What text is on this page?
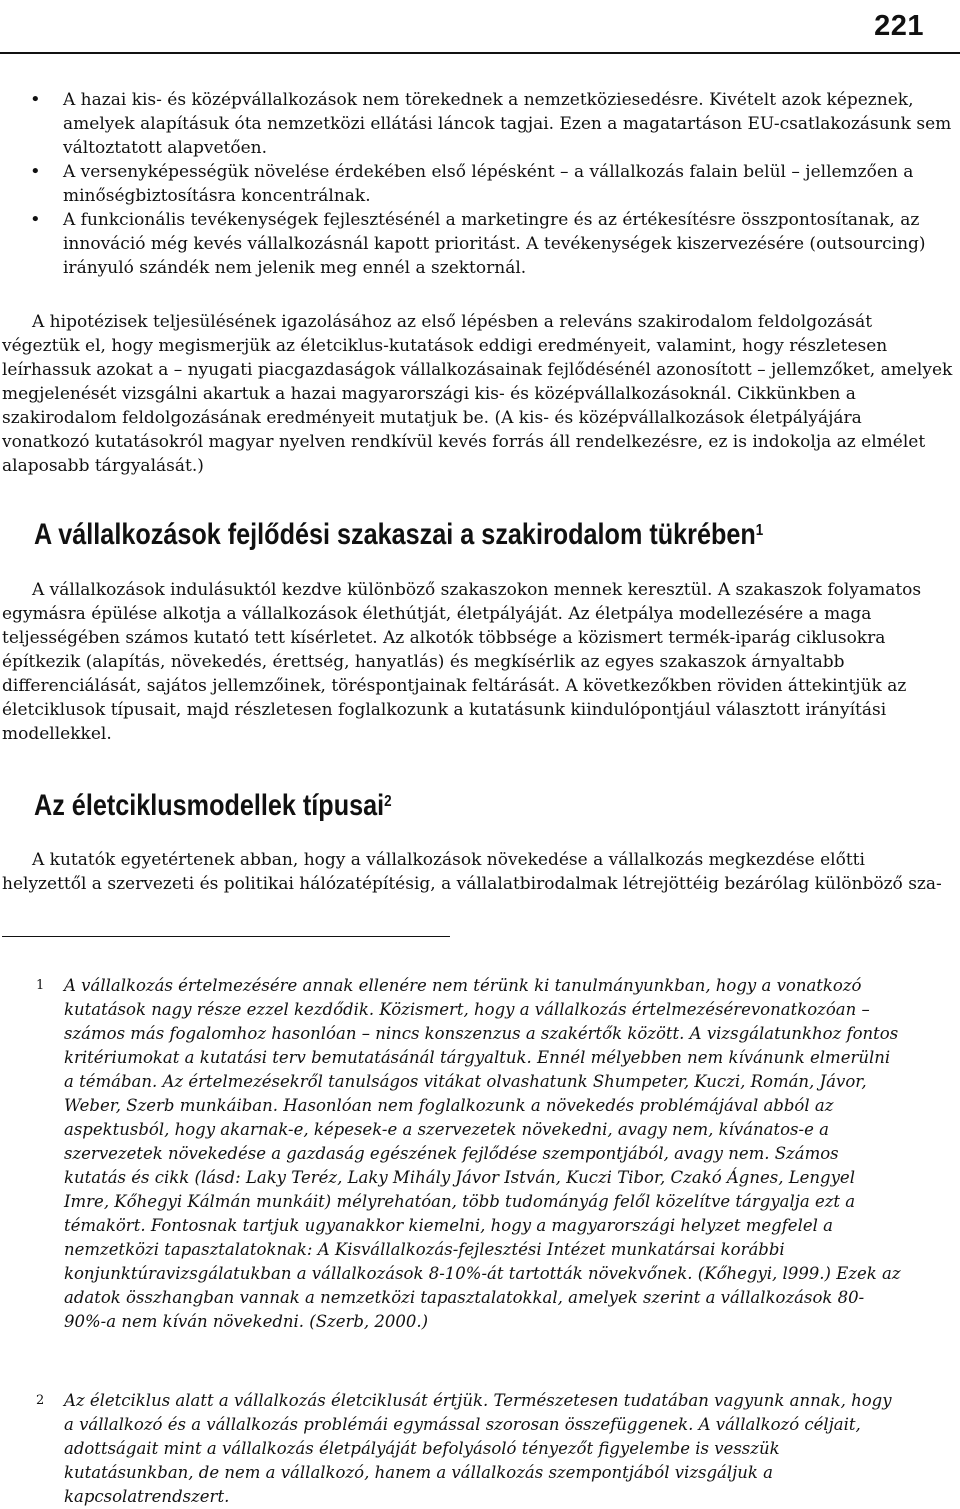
221
• A hazai kis- és középvállalkozások nem törekednek a nemzetköziesedésre. Kivételt azok képeznek, amelyek alapításuk óta nemzetközi ellátási láncok tagjai. Ezen a magatartáson EU-csatlakozásunk sem változtatott alapvetően.
• A versenyképességük növelése érdekében első lépésként – a vállalkozás falain belül – jellemzően a minőségbiztosításra koncentrálnak.
• A funkcionális tevékenységek fejlesztésénél a marketingre és az értékesítésre összpontosítanak, az innováció még kevés vállalkozásnál kapott prioritást. A tevékenységek kiszervezésére (outsourcing) irányuló szándék nem jelenik meg ennél a szektornál.

A hipotézisek teljesülésének igazolásához az első lépésben a releváns szakirodalom feldolgozását végeztük el, hogy megismerjük az életciklus-kutatások eddigi eredményeit, valamint, hogy részletesen leírhassuk azokat a – nyugati piacgazdaságok vállalkozásainak fejlődésénél azonosított – jellemzőket, amelyek megjelenését vizsgálni akartuk a hazai magyarországi kis- és középvállalkozásoknál. Cikkünkben a szakirodalom feldolgozásának eredményeit mutatjuk be. (A kis- és középvállalkozások életpályájára vonatkozó kutatásokról magyar nyelven rendkívül kevés forrás áll rendelkezésre, ez is indokolja az elmélet alaposabb tárgyalását.)

A vállalkozások fejlődési szakaszai a szakirodalom tükrében$^1$

A vállalkozások indulásuktól kezdve különböző szakaszokon mennek keresztül. A szakaszok folyamatos egymásra épülése alkotja a vállalkozások élethútját, életpályáját. Az életpálya modellezésére a maga teljességében számos kutató tett kísérletet. Az alkotók többsége a közismert termék-iparág ciklusokra építkezik (alapítás, növekedés, érettség, hanyatlás) és megkísérlik az egyes szakaszok árnyaltabb differenciálását, sajátos jellemzőinek, töréspontjainak feltárását. A következőkben röviden áttekintjük az életciklusok típusait, majd részletesen foglalkozunk a kutatásunk kiindulópontjául választott irányítási modellekkel.

Az életciklusmodellek típusai$^2$

A kutatók egyetértenek abban, hogy a vállalkozások növekedése a vállalkozás megkezdése előtti helyzettől a szervezeti és politikai hálózatépítésig, a vállalatbirodalmak létrejöttéig bezárólag különböző sza-

1 A vállalkozás értelmezésére annak ellenére nem térünk ki tanulmányunkban, hogy a vonatkozó kutatások nagy része ezzel kezdődik. Közismert, hogy a vállalkozás értelmezésérevonatkozóan – számos más fogalomhoz hasonlóan – nincs konszenzus a szakértők között. A vizsgálatunkhoz fontos kritériumokat a kutatási terv bemutatásánál tárgyaltuk. Ennél mélyebben nem kívánunk elmerülni a témában. Az értelmezésekről tanulságos vitákat olvashatunk Shumpeter, Kuczi, Román, Jávor, Weber, Szerb munkáiban. Hasonlóan nem foglalkozunk a növekedés problémájával abból az aspektusból, hogy akarnak-e, képesek-e a szervezetek növekedni, avagy nem, kívánatos-e a szervezetek növekedése a gazdaság egészének fejlődése szempontjából, avagy nem. Számos kutatás és cikk (lásd: Laky Teréz, Laky Mihály Jávor István, Kuczi Tibor, Czakó Ágnes, Lengyel Imre, Kőhegyi Kálmán munkáit) mélyrehatóan, több tudományág felől közelítve tárgyalja ezt a témakört. Fontosnak tartjuk ugyanakkor kiemelni, hogy a magyarországi helyzet megfelel a nemzetközi tapasztalatoknak: A Kisvállalkozás-fejlesztési Intézet munkatársai korábbi konjunktúravizsgálatukban a vállalkozások 8-10%-át tartották növekvőnek. (Kőhegyi, l999.) Ezek az adatok összhangban vannak a nemzetközi tapasztalatokkal, amelyek szerint a vállalkozások 80-90%-a nem kíván növekedni. (Szerb, 2000.)
2 Az életciklus alatt a vállalkozás életciklusát értjük. Természetesen tudatában vagyunk annak, hogy a vállalkozó és a vállalkozás problémái egymással szorosan összefüggenek. A vállalkozó céljait, adottságait mint a vállalkozás életpályáját befolyásoló tényezőt figyelembe is vesszük kutatásunkban, de nem a vállalkozó, hanem a vállalkozás szempontjából vizsgáljuk a kapcsolatrendszert.
